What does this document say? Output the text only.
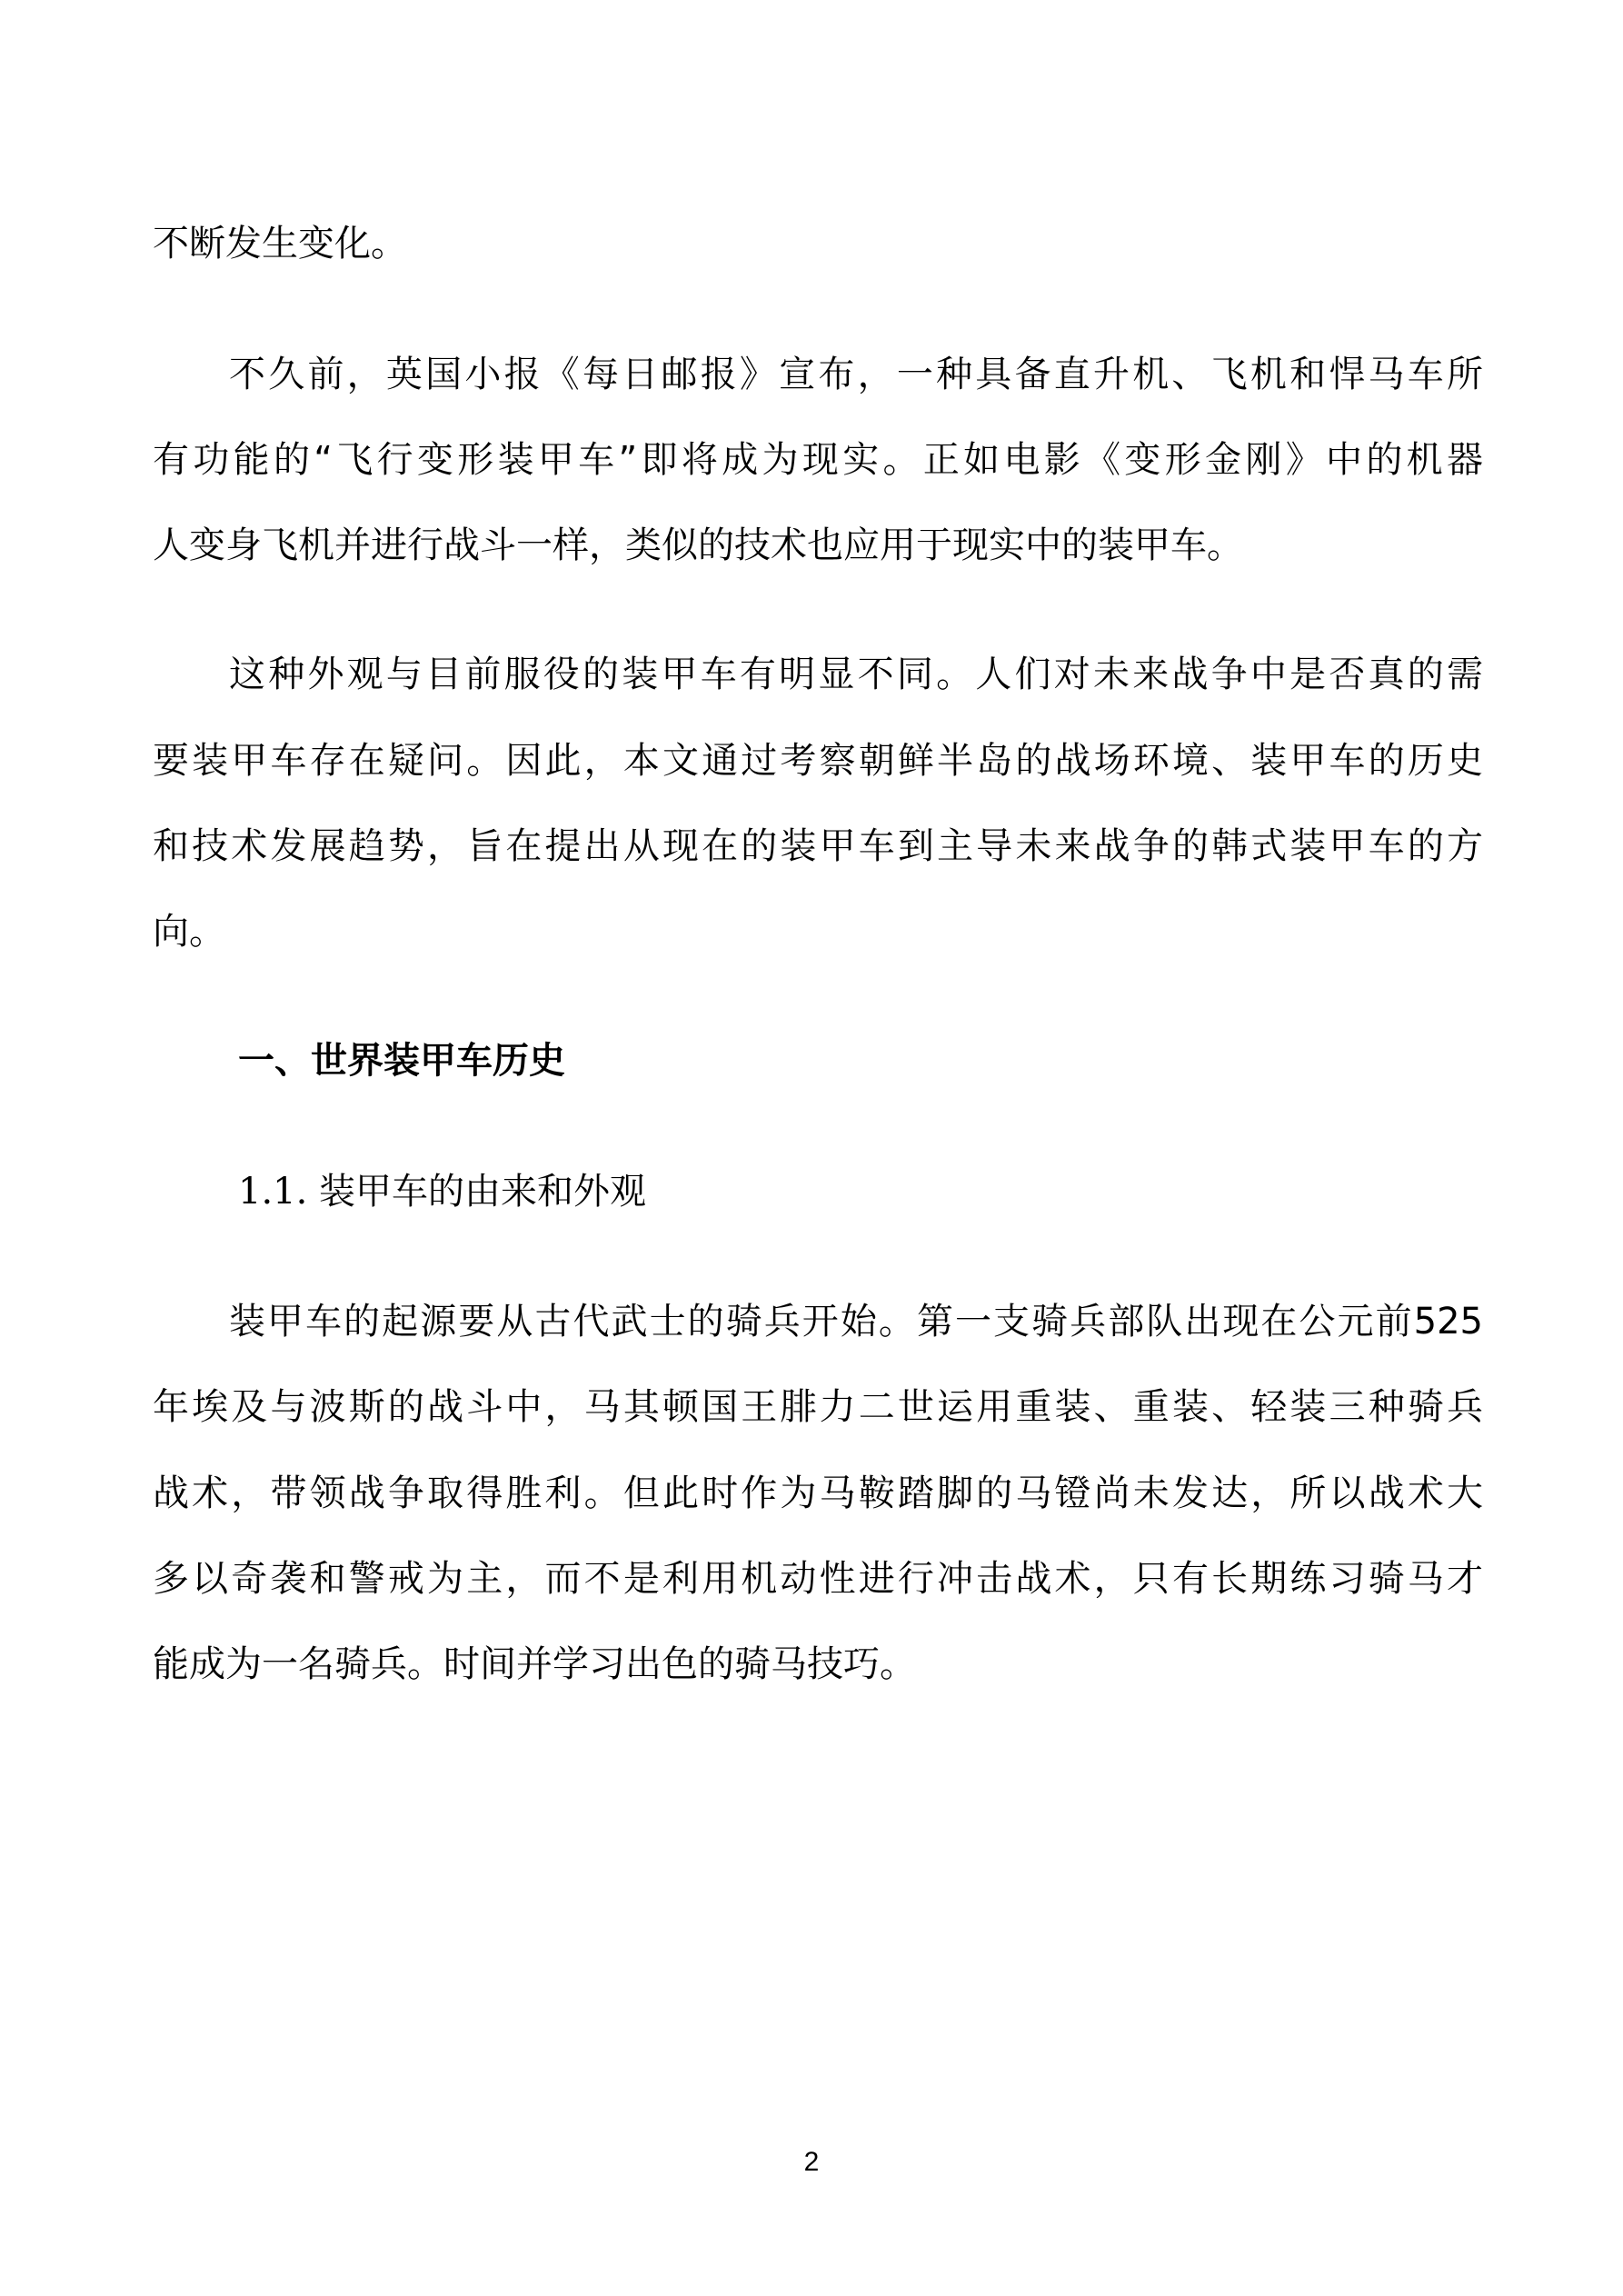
不断发生变化。
不久前，英国小报《每日邮报》宣布，一种具备直升机、飞机和悍马车所
有功能的“飞行变形装甲车”即将成为现实。正如电影《变形金刚》中的机器
人变身飞机并进行战斗一样，类似的技术也应用于现实中的装甲车。
这种外观与目前服役的装甲车有明显不同。人们对未来战争中是否真的需
要装甲车存在疑问。因此，本文通过考察朝鲜半岛的战场环境、装甲车的历史
和技术发展趋势，旨在提出从现在的装甲车到主导未来战争的韩式装甲车的方
向。
一、世界装甲车历史
1.1. 装甲车的由来和外观
装甲车的起源要从古代武士的骑兵开始。第一支骑兵部队出现在公元前525
年埃及与波斯的战斗中，马其顿国王腓力二世运用重装、重装、轻装三种骑兵
战术，带领战争取得胜利。但此时作为马鞍踏脚的马镫尚未发达，所以战术大
多以奇袭和警戒为主，而不是利用机动性进行冲击战术，只有长期练习骑马才
能成为一名骑兵。时间并学习出色的骑马技巧。
2
